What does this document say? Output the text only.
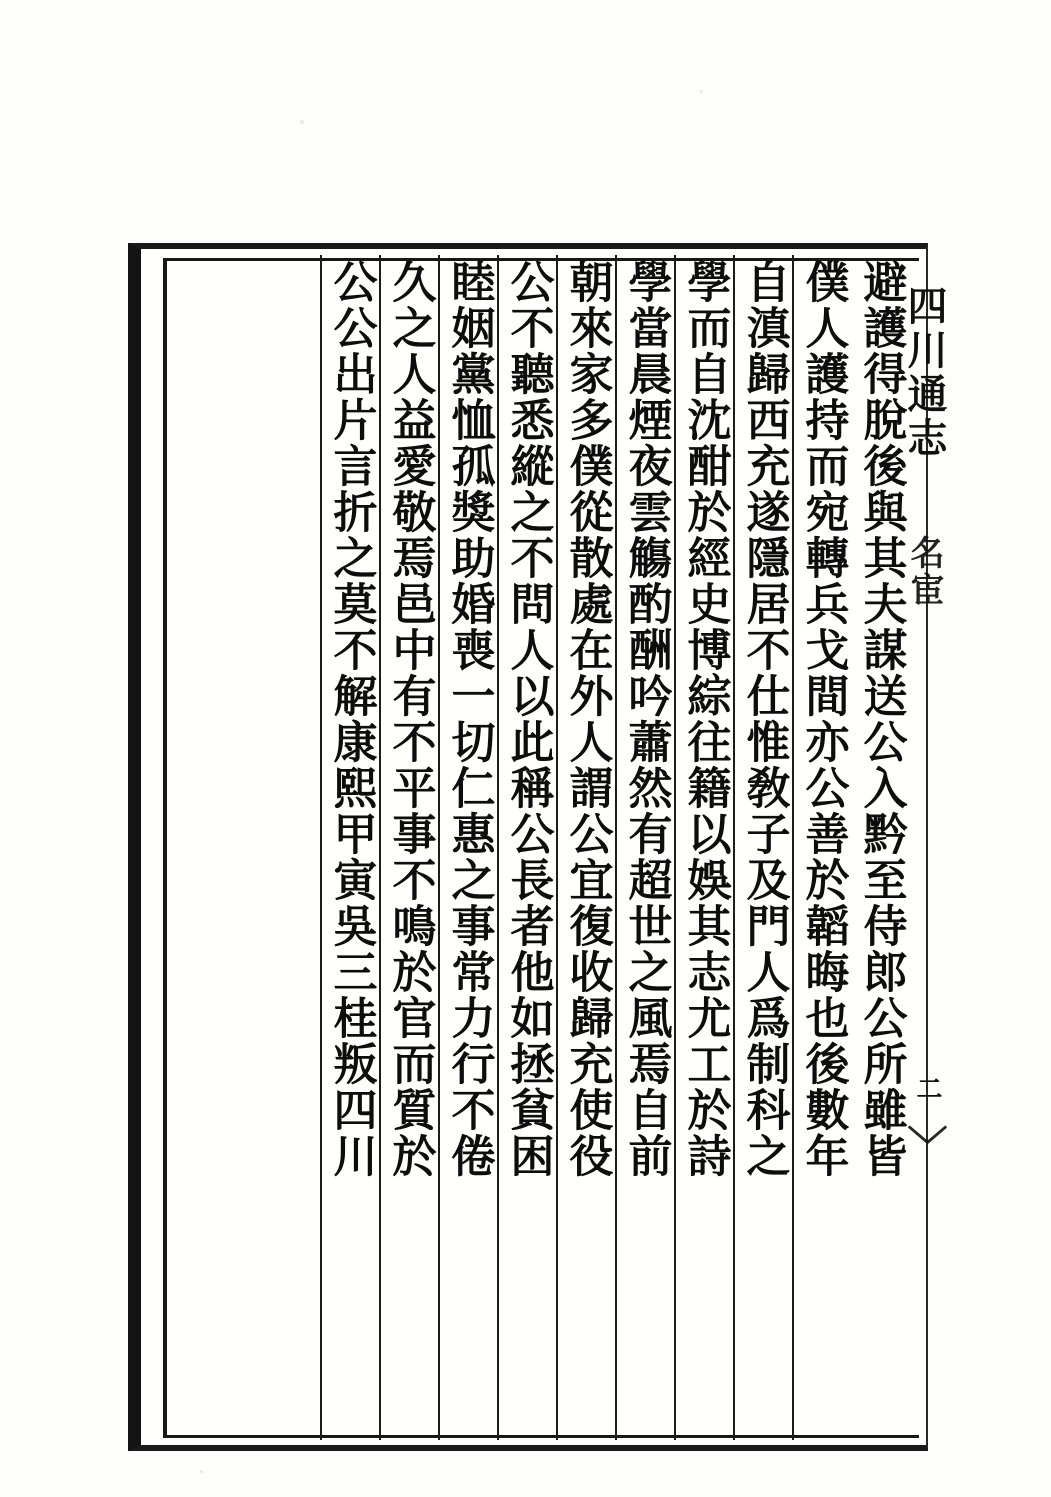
避護得脫後與其夫謀送公入黔至侍郎公所雖皆
僕人護持而宛轉兵戈間亦公善於韜晦也後數年
自滇歸西充遂隱居不仕惟敎子及門人爲制科之
學而自沈酣於經史博綜往籍以娛其志尤工於詩
學當晨煙夜雲觴酌酬吟蕭然有超世之風焉自前
朝來家多僕從散處在外人謂公宜復收歸充使役
公不聽悉縱之不問人以此稱公長者他如拯貧困
睦姻黨恤孤獎助婚喪一切仁惠之事常力行不倦
久之人益愛敬焉邑中有不平事不鳴於官而質於
公公出片言折之莫不解康熙甲寅吳三桂叛四川	四川通志
名宦
二
〉
